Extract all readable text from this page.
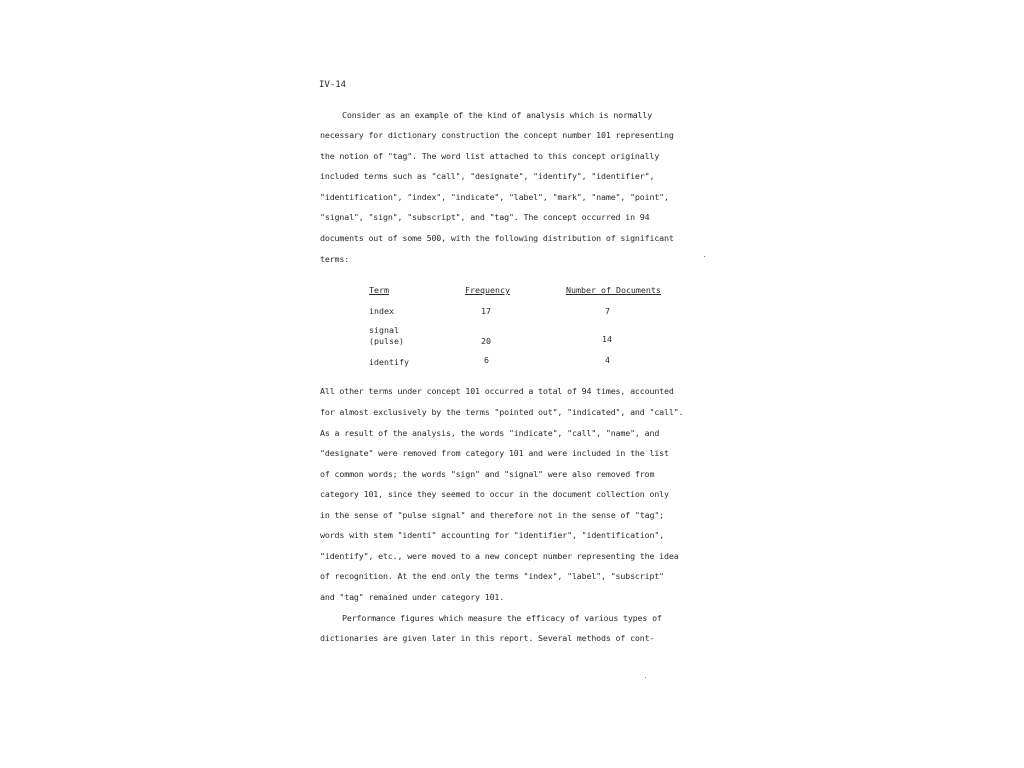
IV-14
Consider as an example of the kind of analysis which is normally
necessary for dictionary construction the concept number 101 representing
the notion of "tag". The word list attached to this concept originally
included terms such as "call", "designate", "identify", "identifier",
"identification", "index", "indicate", "label", "mark", "name", "point",
"signal", "sign", "subscript", and "tag". The concept occurred in 94
documents out of some 500, with the following distribution of significant
terms:
Term	Frequency	Number of Documents
index	17	7
signal
(pulse)	20	14
identify	6	4
All other terms under concept 101 occurred a total of 94 times, accounted
for almost exclusively by the terms "pointed out", "indicated", and "call".
As a result of the analysis, the words "indicate", "call", "name", and
"designate" were removed from category 101 and were included in the list
of common words; the words "sign" and "signal" were also removed from
category 101, since they seemed to occur in the document collection only
in the sense of "pulse signal" and therefore not in the sense of "tag";
words with stem "identi" accounting for "identifier", "identification",
"identify", etc., were moved to a new concept number representing the idea
of recognition. At the end only the terms "index", "label", "subscript"
and "tag" remained under category 101.
Performance figures which measure the efficacy of various types of
dictionaries are given later in this report. Several methods of cont-
